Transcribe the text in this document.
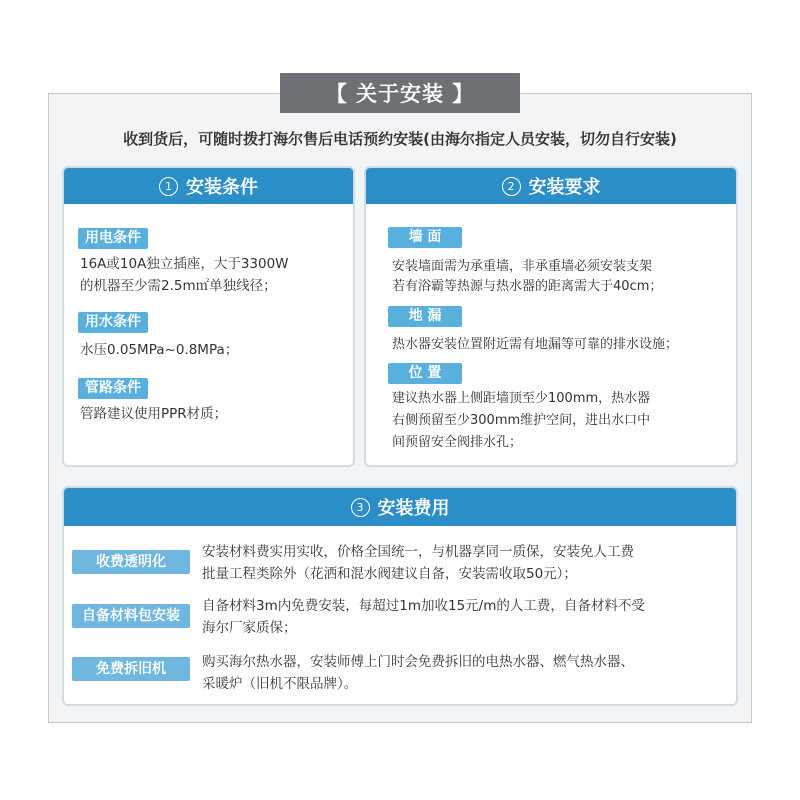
【 关于安装 】
收到货后，可随时拨打海尔售后电话预约安装(由海尔指定人员安装，切勿自行安装)
1 安装条件
用电条件
16A或10A独立插座，大于3300W
的机器至少需2.5m㎡单独线径；
用水条件
水压0.05MPa~0.8MPa；
管路条件
管路建议使用PPR材质；
2 安装要求
墙 面
安装墙面需为承重墙，非承重墙必须安装支架
若有浴霸等热源与热水器的距离需大于40cm；
地 漏
热水器安装位置附近需有地漏等可靠的排水设施；
位 置
建议热水器上侧距墙顶至少100mm，热水器
右侧预留至少300mm维护空间，进出水口中
间预留安全阀排水孔；
3 安装费用
收费透明化
安装材料费实用实收，价格全国统一，与机器享同一质保，安装免人工费
批量工程类除外（花洒和混水阀建议自备，安装需收取50元）；
自备材料包安装
自备材料3m内免费安装，每超过1m加收15元/m的人工费，自备材料不受
海尔厂家质保；
免费拆旧机	购买海尔热水器，安装师傅上门时会免费拆旧的电热水器、燃气热水器、
采暖炉（旧机不限品牌）。
